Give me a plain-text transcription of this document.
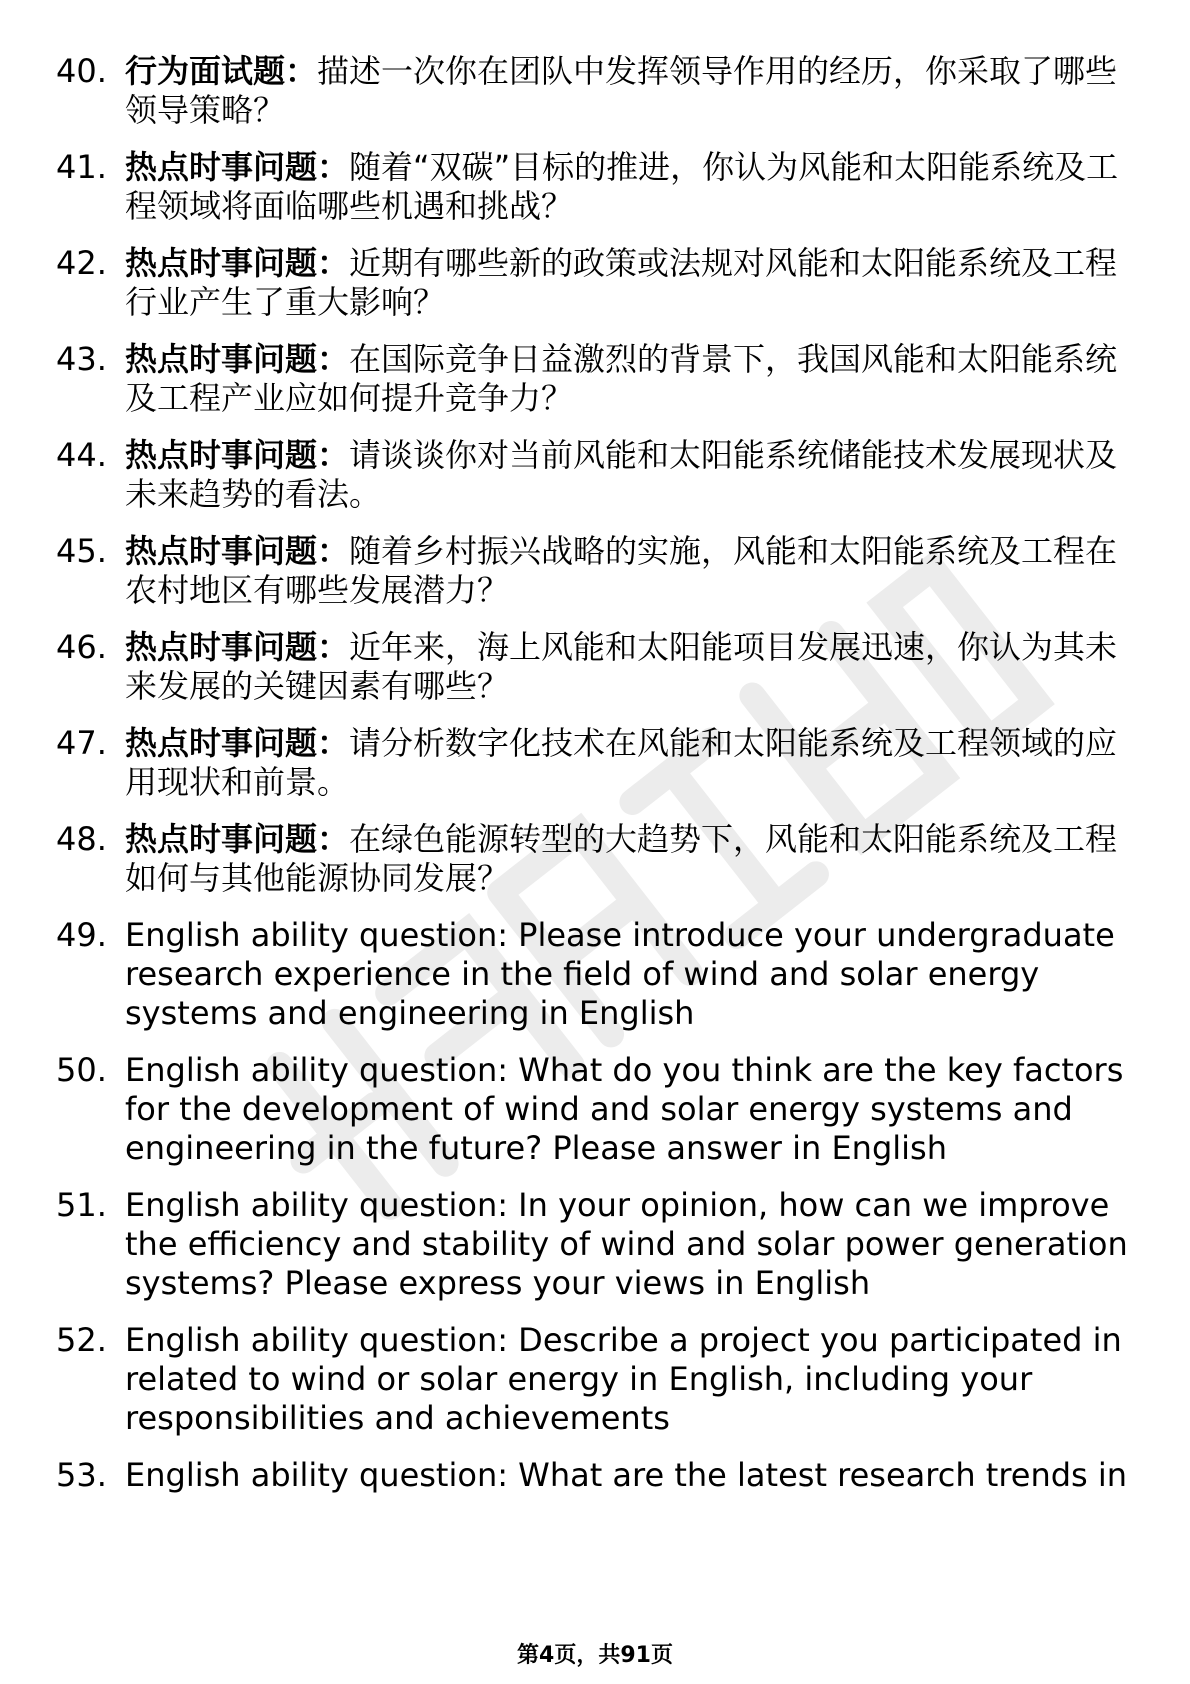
40. 行为面试题：描述一次你在团队中发挥领导作用的经历，你采取了哪些领导策略？
41. 热点时事问题：随着“双碳”目标的推进，你认为风能和太阳能系统及工程领域将面临哪些机遇和挑战？
42. 热点时事问题：近期有哪些新的政策或法规对风能和太阳能系统及工程行业产生了重大影响？
43. 热点时事问题：在国际竞争日益激烈的背景下，我国风能和太阳能系统及工程产业应如何提升竞争力？
44. 热点时事问题：请谈谈你对当前风能和太阳能系统储能技术发展现状及未来趋势的看法。
45. 热点时事问题：随着乡村振兴战略的实施，风能和太阳能系统及工程在农村地区有哪些发展潜力？
46. 热点时事问题：近年来，海上风能和太阳能项目发展迅速，你认为其未来发展的关键因素有哪些？
47. 热点时事问题：请分析数字化技术在风能和太阳能系统及工程领域的应用现状和前景。
48. 热点时事问题：在绿色能源转型的大趋势下，风能和太阳能系统及工程如何与其他能源协同发展？
49. English ability question: Please introduce your undergraduate research experience in the field of wind and solar energy systems and engineering in English
50. English ability question: What do you think are the key factors for the development of wind and solar energy systems and engineering in the future? Please answer in English
51. English ability question: In your opinion, how can we improve the efficiency and stability of wind and solar power generation systems? Please express your views in English
52. English ability question: Describe a project you participated in related to wind or solar energy in English, including your responsibilities and achievements
53. English ability question: What are the latest research trends in
第4页，共91页
